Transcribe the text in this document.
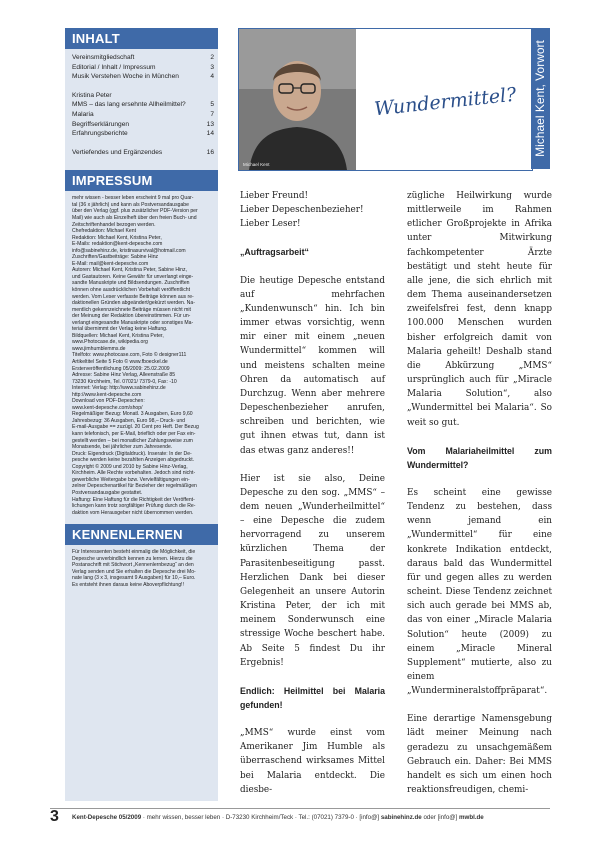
INHALT
Vereinsmitgliedschaft	2
Editorial / Inhalt / Impressum	3
Musik Verstehen Woche in München	4
Kristina Peter
MMS – das lang ersehnte Allheilmittel?	5
Malaria	7
Begriffserklärungen	13
Erfahrungsberichte	14
Vertiefendes und Ergänzendes	16
IMPRESSUM
mehr wissen - besser leben erscheint 9 mal pro Quar-
tal (36 x jährlich) und kann als Postversandausgabe
über den Verlag (ggf. plus zusätzlicher PDF-Version per
Mail) wie auch als Einzelheft über den freien Buch- und
Zeitschriftenhandel bezogen werden.
Chefredaktion: Michael Kent
Redaktion: Michael Kent, Kristina Peter,
E-Mails: redaktion@kent-depesche.com
info@sabinehinz.de, kristinasurvival@hotmail.com
Zuschriften/Gastbeiträge: Sabine Hinz
E-Mail: mail@kent-depesche.com
Autoren: Michael Kent, Kristina Peter, Sabine Hinz,
und Gastautoren. Keine Gewähr für unverlangt einge-
sandte Manuskripte und Bildsendungen. Zuschriften
können ohne ausdrücklichen Vorbehalt veröffentlicht
werden. Vom Leser verfasste Beiträge können aus re-
daktionellen Gründen abgeändert/gekürzt werden. Na-
mentlich gekennzeichnete Beiträge müssen nicht mit
der Meinung der Redaktion übereinstimmen. Für un-
verlangt eingesandte Manuskripte oder sonstiges Ma-
terial übernimmt der Verlag keine Haftung.
Bildquellen: Michael Kent, Kristina Peter,
www.Photocase.de, wikipedia.org
www.jimhumblemms.de
Titelfoto: www.photocase.com, Foto © designer111
Artikeltitel Seite 5 Foto © www.fboeckel.de
Ersterveröffentlichung 05/2009: 25.02.2009
Adresse: Sabine Hinz Verlag, Alleenstraße 85
73230 Kirchheim, Tel. 07021/ 7379-0, Fax: -10
Internet: Verlag: http://www.sabinehinz.de
http://www.kent-depesche.com
Download von PDF-Depeschen:
www.kent-depesche.com/shop/
Regelmäßiger Bezug: Monatl. 3 Ausgaben, Euro 9,60
Jahresbezug: 36 Ausgaben, Euro 98,– Druck- und
E-mail-Ausgabe == zuzügl. 20 Cent pro Heft. Der Bezug
kann telefonisch, per E-Mail, brieflich oder per Fax ein-
gestellt werden – bei monatlicher Zahlungsweise zum
Monatsende, bei jährlicher zum Jahresende.
Druck: Eigendruck (Digitaldruck). Inserate: In der De-
pesche werden keine bezahlten Anzeigen abgedruckt.
Copyright © 2009 und 2010 by Sabine Hinz-Verlag,
Kirchheim. Alle Rechte vorbehalten. Jedoch sind nicht-
gewerbliche Weitergabe bzw. Vervielfältigungen ein-
zelner Depeschenartikel für Bezieher der regelmäßigen
Postversandausgabe gestattet.
Haftung: Eine Haftung für die Richtigkeit der Veröffent-
lichungen kann trotz sorgfältiger Prüfung durch die Re-
daktion vom Herausgeber nicht übernommen werden.
KENNENLERNEN
Für Interessenten besteht einmalig die Möglichkeit, die
Depesche unverbindlich kennen zu lernen. Hierzu die
Postanschrift mit Stichwort „Kennenlernbezug“ an den
Verlag senden und Sie erhalten die Depesche drei Mo-
nate lang (3 x 3, insgesamt 9 Ausgaben) für 10,– Euro.
Es entsteht ihnen daraus keine Aboverpflichtung!!
Michael Kent
Wundermittel? Michael Kent, Vorwort
Lieber Freund!
Lieber Depeschenbezieher!
Lieber Leser!
„Auftragsarbeit“
Die heutige Depesche entstand auf mehrfachen „Kundenwunsch“ hin. Ich bin immer etwas vorsichtig, wenn mir einer mit einem „neuen Wundermittel“ kommen will und meistens schalten meine Ohren da automatisch auf Durchzug. Wenn aber mehrere Depeschenbezieher anrufen, schreiben und berichten, wie gut ihnen etwas tut, dann ist das etwas ganz anderes!!
Hier ist sie also, Deine Depesche zu den sog. „MMS“ – dem neuen „Wunderheilmittel“ – eine Depesche die zudem hervorragend zu unserem kürzlichen Thema der Parasitenbeseitigung passt. Herzlichen Dank bei dieser Gelegenheit an unsere Autorin Kristina Peter, der ich mit meinem Sonderwunsch eine stressige Woche beschert habe. Ab Seite 5 findest Du ihr Ergebnis!
Endlich: Heilmittel bei Malaria gefunden!
„MMS“ wurde einst vom Amerikaner Jim Humble als überraschend wirksames Mittel bei Malaria entdeckt. Die diesbe-
zügliche Heilwirkung wurde mittlerweile im Rahmen etlicher Großprojekte in Afrika unter Mitwirkung fachkompetenter Ärzte bestätigt und steht heute für alle jene, die sich ehrlich mit dem Thema auseinandersetzen zweifelsfrei fest, denn knapp 100.000 Menschen wurden bisher erfolgreich damit von Malaria geheilt! Deshalb stand die Abkürzung „MMS“ ursprünglich auch für „Miracle Malaria Solution“, also „Wundermittel bei Malaria“. So weit so gut.
Vom Malariaheilmittel zum Wundermittel?
Es scheint eine gewisse Tendenz zu bestehen, dass wenn jemand ein „Wundermittel“ für eine konkrete Indikation entdeckt, daraus bald das Wundermittel für und gegen alles zu werden scheint. Diese Tendenz zeichnet sich auch gerade bei MMS ab, das von einer „Miracle Malaria Solution“ heute (2009) zu einem „Miracle Mineral Supplement“ mutierte, also zu einem „Wundermineralstoffpräparat“.
Eine derartige Namensgebung lädt meiner Meinung nach geradezu zu unsachgemäßem Gebrauch ein. Daher: Bei MMS handelt es sich um einen hoch reaktionsfreudigen, chemi-
3	Kent-Depesche 05/2009 · mehr wissen, besser leben · D-73230 Kirchheim/Teck · Tel.: (07021) 7379-0 · [info@] sabinehinz.de oder [info@] mwbl.de
